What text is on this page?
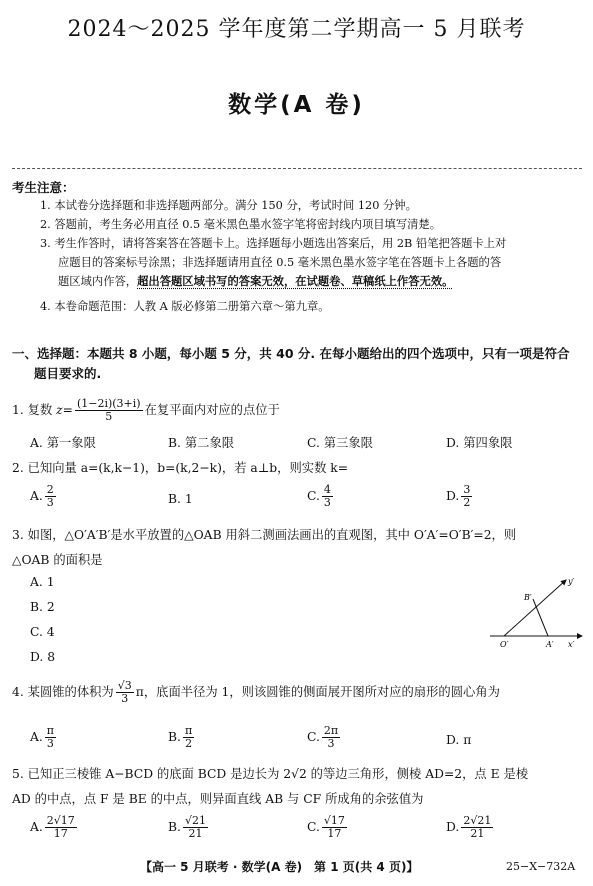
2024～2025 学年度第二学期高一 5 月联考
数学(A 卷)
考生注意：
1. 本试卷分选择题和非选择题两部分。满分 150 分，考试时间 120 分钟。
2. 答题前，考生务必用直径 0.5 毫米黑色墨水签字笔将密封线内项目填写清楚。
3. 考生作答时，请将答案答在答题卡上。选择题每小题选出答案后，用 2B 铅笔把答题卡上对
应题目的答案标号涂黑；非选择题请用直径 0.5 毫米黑色墨水签字笔在答题卡上各题的答
题区域内作答，超出答题区域书写的答案无效，在试题卷、草稿纸上作答无效。
4. 本卷命题范围：人教 A 版必修第二册第六章～第九章。
一、选择题：本题共 8 小题，每小题 5 分，共 40 分. 在每小题给出的四个选项中，只有一项是符合
题目要求的.
1. 复数 $z= \frac{(1-2i)(3+i)}{5}$ 在复平面内对应的点位于
A. 第一象限	B. 第二象限	C. 第三象限	D. 第四象限
2. 已知向量 a=(k,k−1)，b=(k,2−k)，若 a⊥b，则实数 k=
A. $\frac{2}{3}$	B. 1	C. $\frac{4}{3}$	D. $\frac{3}{2}$
3. 如图，△O′A′B′是水平放置的△OAB 用斜二测画法画出的直观图，其中 O′A′=O′B′=2，则
△OAB 的面积是
A. 1
B. 2
C. 4
D. 8
y′
B′
O′	A′ x′
4. 某圆锥的体积为 $\frac{√3}{3}$ π，底面半径为 1，则该圆锥的侧面展开图所对应的扇形的圆心角为
A. $\frac{\pi}{3}$	B. $\frac{\pi}{2}$	C. $\frac{2\pi}{3}$	D. π
5. 已知正三棱锥 A−BCD 的底面 BCD 是边长为 2√2 的等边三角形，侧棱 AD=2，点 E 是棱
AD 的中点，点 F 是 BE 的中点，则异面直线 AB 与 CF 所成角的余弦值为
A. $\frac{2√17}{17}$	B. $\frac{√21}{21}$	C. $\frac{√17}{17}$	D. $\frac{2√21}{21}$
【高一 5 月联考 · 数学(A 卷)　第 1 页(共 4 页)】	25−X−732A
